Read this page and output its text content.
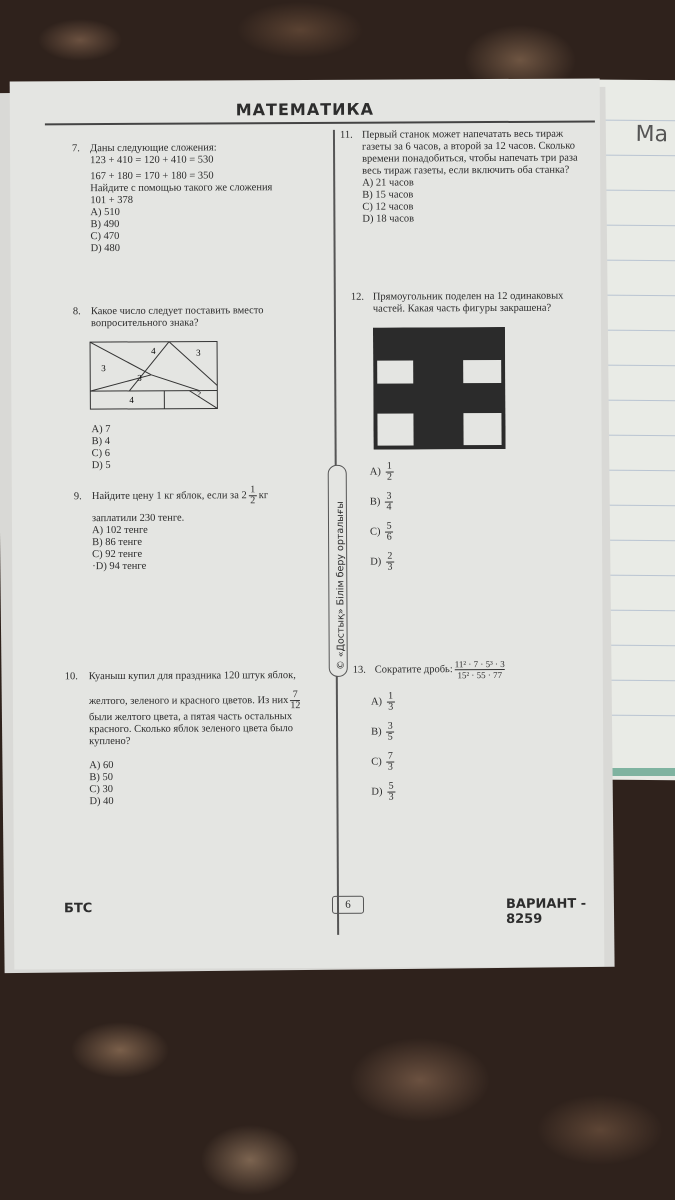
Ma
МАТЕМАТИКА
7. Даны следующие сложения:
123 + 410 = 120 + 410 = 530
167 + 180 = 170 + 180 = 350
Найдите с помощью такого же сложения
101 + 378
A) 510
B) 490
C) 470
D) 480
8. Какое число следует поставить вместо
вопросительного знака?
4	3
3
3
4
?
A) 7
B) 4
C) 6
D) 5
9. Найдите цену 1 кг яблок, если за $2 \frac{1}{2}$ кг
заплатили 230 тенге.
A) 102 тенге
B) 86 тенге
C) 92 тенге
·D) 94 тенге
10. Куаныш купил для праздника 120 штук яблок,
желтого, зеленого и красного цветов. Из них $\frac{7}{12}$
были желтого цвета, а пятая часть остальных
красного. Сколько яблок зеленого цвета было
куплено?
A) 60
B) 50
C) 30
D) 40
© «Достық» Білім беру орталығы
11. Первый станок может напечатать весь тираж
газеты за 6 часов, а второй за 12 часов. Сколько
времени понадобиться, чтобы напечать три раза
весь тираж газеты, если включить оба станка?
A) 21 часов
B) 15 часов
C) 12 часов
D) 18 часов
12. Прямоугольник поделен на 12 одинаковых
частей. Какая часть фигуры закрашена?
$A) \frac{1}{2}$
$B) \frac{3}{4}$
$C) \frac{5}{6}$
$D) \frac{2}{3}$
13. Сократите дробь: $\frac{\text{11² · 7 · 5³ · 3}}{\text{15² · 55 · 77}}$
$A) \frac{1}{3}$
$B) \frac{3}{5}$
$C) \frac{7}{3}$
$D) \frac{5}{3}$
БТС	6	ВАРИАНТ - 8259
